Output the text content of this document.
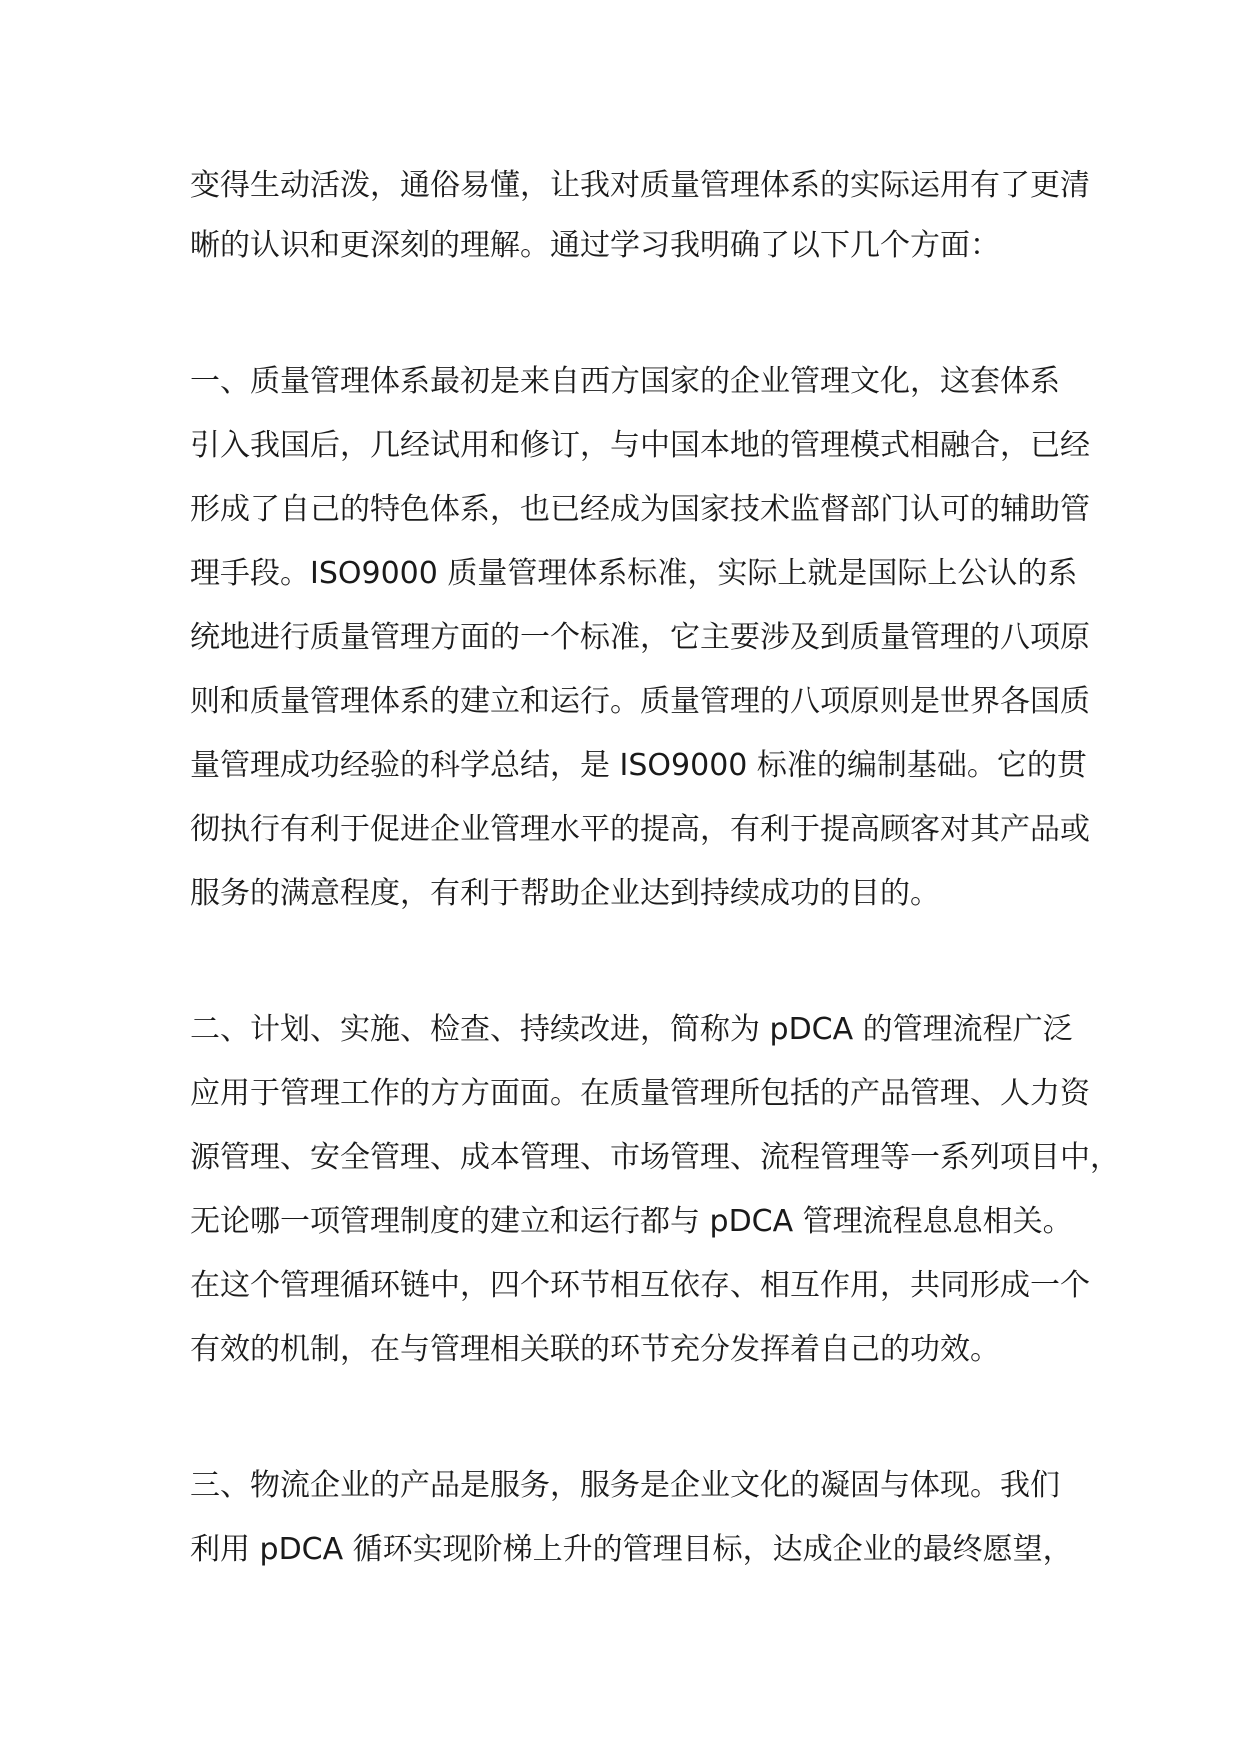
变得生动活泼，通俗易懂，让我对质量管理体系的实际运用有了更清
晰的认识和更深刻的理解。通过学习我明确了以下几个方面：
一、质量管理体系最初是来自西方国家的企业管理文化，这套体系
引入我国后，几经试用和修订，与中国本地的管理模式相融合，已经
形成了自己的特色体系，也已经成为国家技术监督部门认可的辅助管
理手段。ISO9000 质量管理体系标准，实际上就是国际上公认的系
统地进行质量管理方面的一个标准，它主要涉及到质量管理的八项原
则和质量管理体系的建立和运行。质量管理的八项原则是世界各国质
量管理成功经验的科学总结，是 ISO9000 标准的编制基础。它的贯
彻执行有利于促进企业管理水平的提高，有利于提高顾客对其产品或
服务的满意程度，有利于帮助企业达到持续成功的目的。
二、计划、实施、检查、持续改进，简称为 pDCA 的管理流程广泛
应用于管理工作的方方面面。在质量管理所包括的产品管理、人力资
源管理、安全管理、成本管理、市场管理、流程管理等一系列项目中，
无论哪一项管理制度的建立和运行都与 pDCA 管理流程息息相关。
在这个管理循环链中，四个环节相互依存、相互作用，共同形成一个
有效的机制，在与管理相关联的环节充分发挥着自己的功效。
三、物流企业的产品是服务，服务是企业文化的凝固与体现。我们
利用 pDCA 循环实现阶梯上升的管理目标，达成企业的最终愿望，
